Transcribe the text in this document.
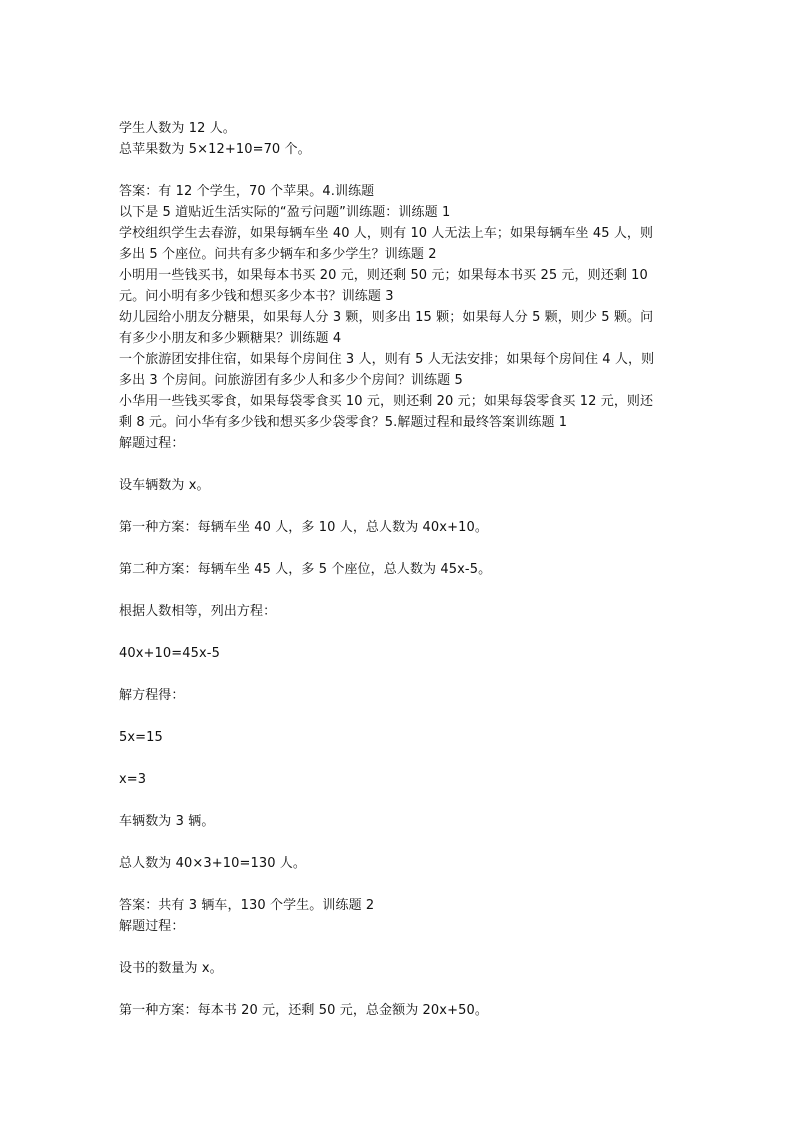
学生人数为 12 人。
总苹果数为 5×12+10=70 个。
答案：有 12 个学生，70 个苹果。4.训练题
以下是 5 道贴近生活实际的“盈亏问题”训练题：训练题 1
学校组织学生去春游，如果每辆车坐 40 人，则有 10 人无法上车；如果每辆车坐 45 人，则
多出 5 个座位。问共有多少辆车和多少学生？训练题 2
小明用一些钱买书，如果每本书买 20 元，则还剩 50 元；如果每本书买 25 元，则还剩 10
元。问小明有多少钱和想买多少本书？训练题 3
幼儿园给小朋友分糖果，如果每人分 3 颗，则多出 15 颗；如果每人分 5 颗，则少 5 颗。问
有多少小朋友和多少颗糖果？训练题 4
一个旅游团安排住宿，如果每个房间住 3 人，则有 5 人无法安排；如果每个房间住 4 人，则
多出 3 个房间。问旅游团有多少人和多少个房间？训练题 5
小华用一些钱买零食，如果每袋零食买 10 元，则还剩 20 元；如果每袋零食买 12 元，则还
剩 8 元。问小华有多少钱和想买多少袋零食？5.解题过程和最终答案训练题 1
解题过程：
设车辆数为 x。
第一种方案：每辆车坐 40 人，多 10 人，总人数为 40x+10。
第二种方案：每辆车坐 45 人，多 5 个座位，总人数为 45x-5。
根据人数相等，列出方程：
40x+10=45x-5
解方程得：
5x=15
x=3
车辆数为 3 辆。
总人数为 40×3+10=130 人。
答案：共有 3 辆车，130 个学生。训练题 2
解题过程：
设书的数量为 x。
第一种方案：每本书 20 元，还剩 50 元，总金额为 20x+50。
